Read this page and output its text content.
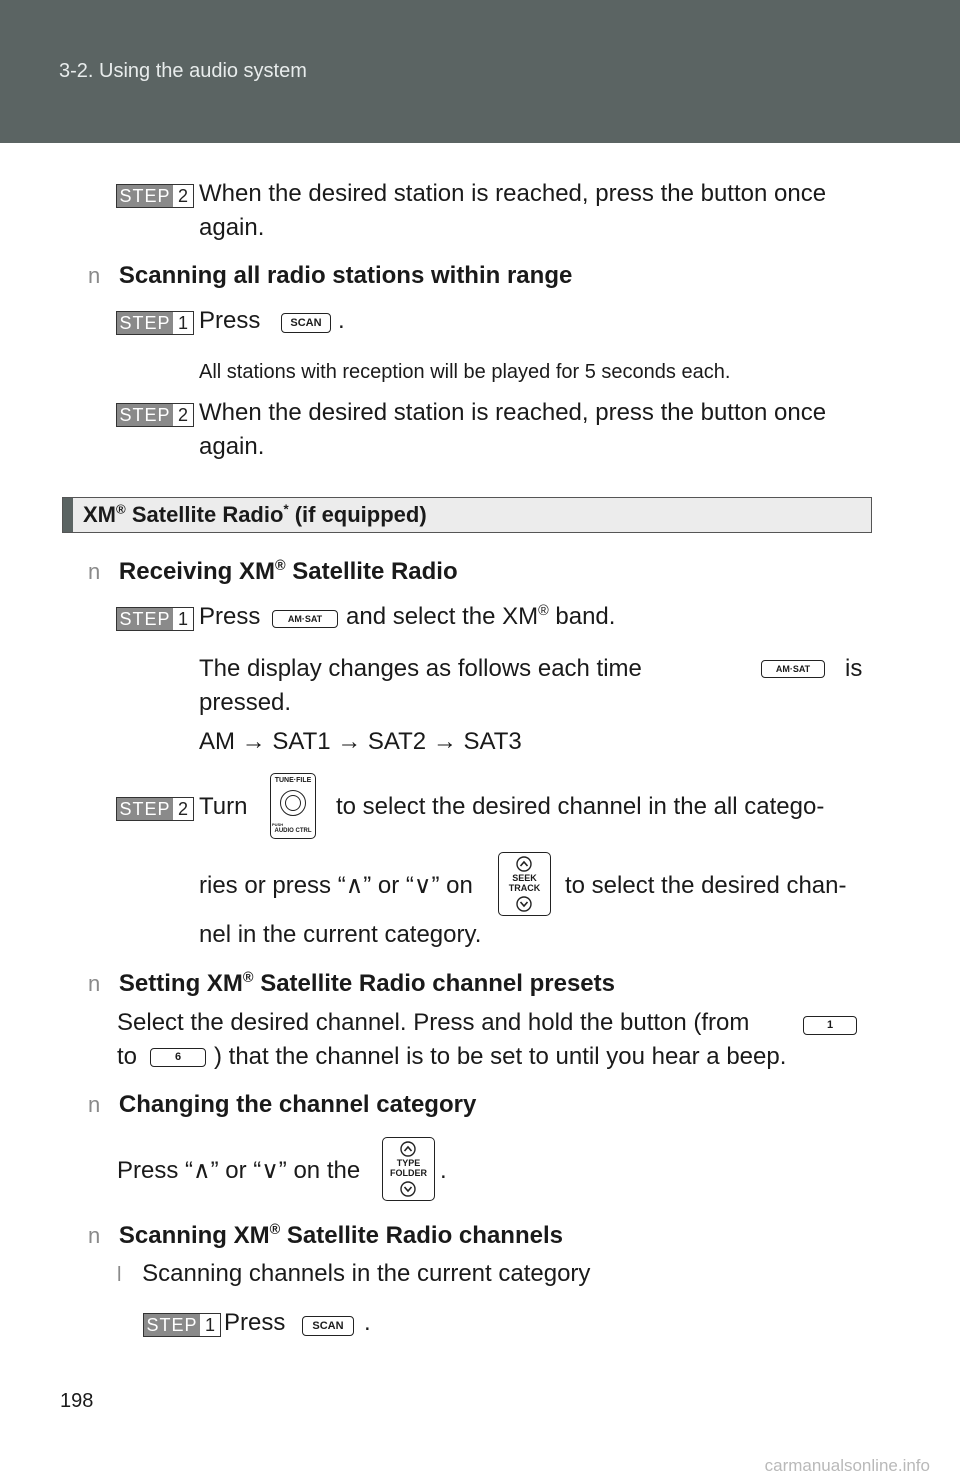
3-2. Using the audio system
STEP 2 When the desired station is reached, press the button once
again.
n Scanning all radio stations within range
STEP 1 Press	SCAN .
All stations with reception will be played for 5 seconds each.
STEP 2 When the desired station is reached, press the button once
again.
XM® Satellite Radio* (if equipped)
n Receiving XM® Satellite Radio
STEP 1 Press	AM·SAT and select the XM® band.
The display changes as follows each time	AM·SAT	is
pressed.
AM → SAT1 → SAT2 → SAT3
STEP 2 Turn
TUNE·FILE
PUSH
AUDIO CTRL
to select the desired channel in the all catego-
ries or press “∧” or “∨” on	SEEK
TRACK	to select the desired chan-
nel in the current category.
n Setting XM® Satellite Radio channel presets
Select the desired channel. Press and hold the button (from	1
to	6	) that the channel is to be set to until you hear a beep.
n Changing the channel category
Press “∧” or “∨” on the	TYPE
FOLDER .
n Scanning XM® Satellite Radio channels
l Scanning channels in the current category
STEP 1 Press	SCAN .
198
carmanualsonline.info
